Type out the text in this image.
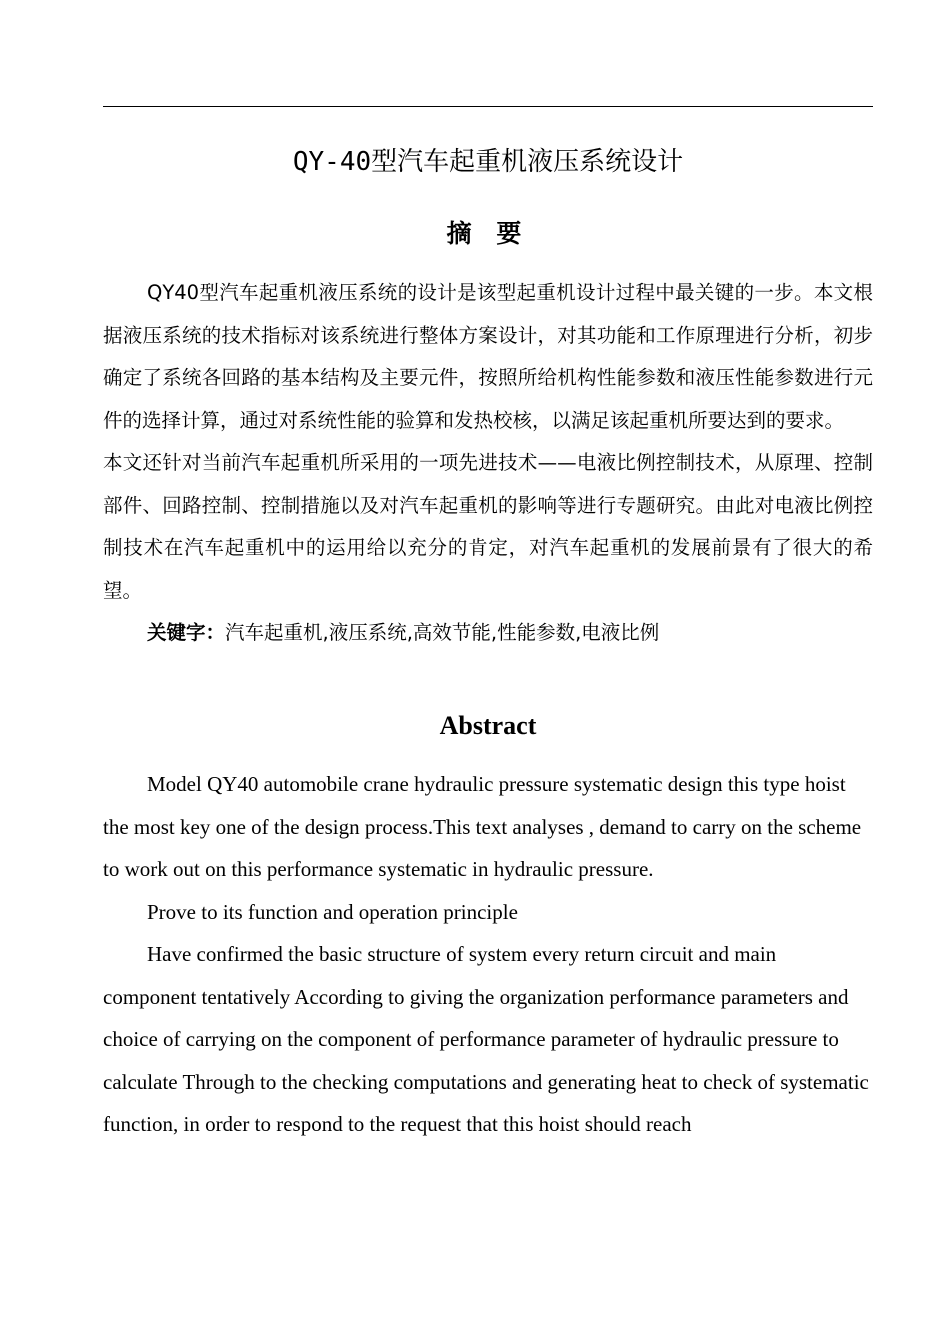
QY-40型汽车起重机液压系统设计
摘 要

QY40型汽车起重机液压系统的设计是该型起重机设计过程中最关键的一步。本文根据液压系统的技术指标对该系统进行整体方案设计，对其功能和工作原理进行分析，初步确定了系统各回路的基本结构及主要元件，按照所给机构性能参数和液压性能参数进行元件的选择计算，通过对系统性能的验算和发热校核，以满足该起重机所要达到的要求。

本文还针对当前汽车起重机所采用的一项先进技术——电液比例控制技术，从原理、控制部件、回路控制、控制措施以及对汽车起重机的影响等进行专题研究。由此对电液比例控制技术在汽车起重机中的运用给以充分的肯定，对汽车起重机的发展前景有了很大的希望。

关键字：汽车起重机,液压系统,高效节能,性能参数,电液比例

Abstract

Model QY40 automobile crane hydraulic pressure systematic design this type hoist the most key one of the design process.This text analyses , demand to carry on the scheme to work out on this performance systematic in hydraulic pressure.

Prove to its function and operation principle

Have confirmed the basic structure of system every return circuit and main component tentatively According to giving the organization performance parameters and choice of carrying on the component of performance parameter of hydraulic pressure to calculate Through to the checking computations and generating heat to check of systematic function, in order to respond to the request that this hoist should reach
